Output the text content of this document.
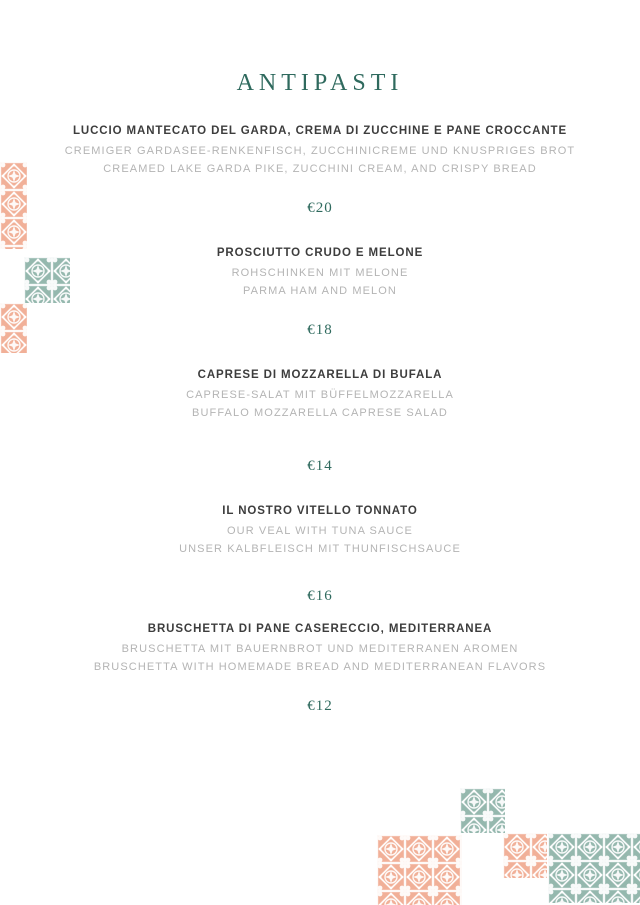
ANTIPASTI
LUCCIO MANTECATO DEL GARDA, CREMA DI ZUCCHINE E PANE CROCCANTE
CREMIGER GARDASEE-RENKENFISCH, ZUCCHINICREME UND KNUSPRIGES BROT
CREAMED LAKE GARDA PIKE, ZUCCHINI CREAM, AND CRISPY BREAD
€20
PROSCIUTTO CRUDO E MELONE
ROHSCHINKEN MIT MELONE
PARMA HAM AND MELON
€18
CAPRESE DI MOZZARELLA DI BUFALA
CAPRESE-SALAT MIT BÜFFELMOZZARELLA
BUFFALO MOZZARELLA CAPRESE SALAD
€14
IL NOSTRO VITELLO TONNATO
OUR VEAL WITH TUNA SAUCE
UNSER KALBFLEISCH MIT THUNFISCHSAUCE
€16
BRUSCHETTA DI PANE CASERECCIO, MEDITERRANEA
BRUSCHETTA MIT BAUERNBROT UND MEDITERRANEN AROMEN
BRUSCHETTA WITH HOMEMADE BREAD AND MEDITERRANEAN FLAVORS
€12
